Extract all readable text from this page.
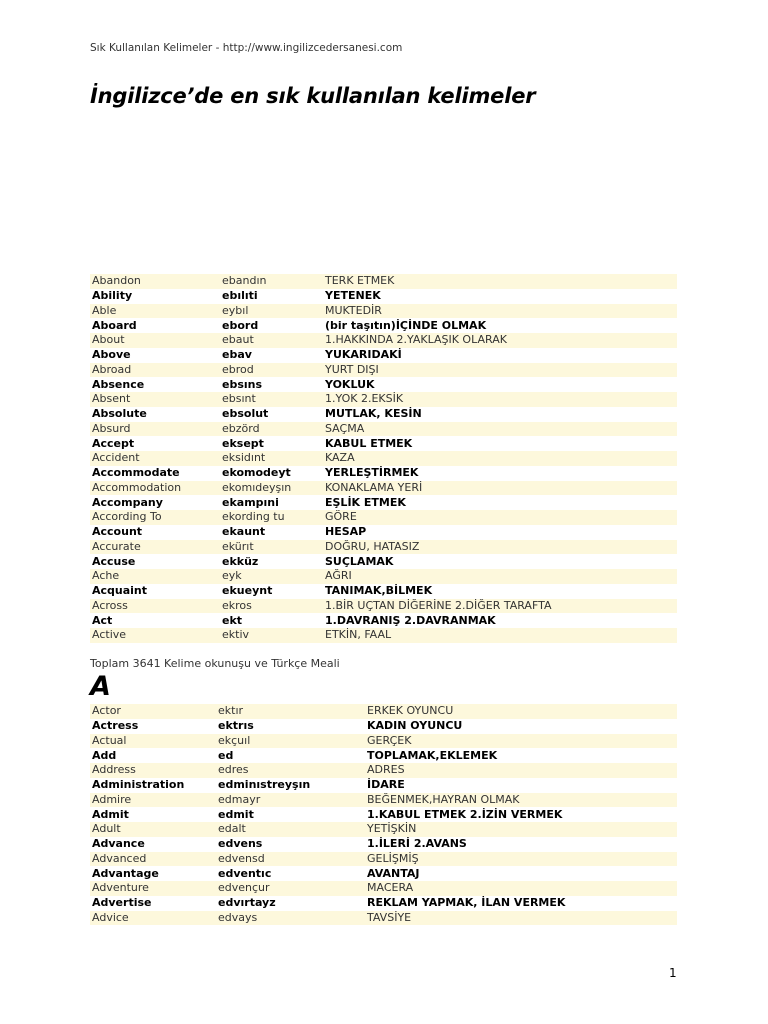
Sık Kullanılan Kelimeler - http://www.ingilizcedersanesi.com
İngilizce’de en sık kullanılan kelimeler
Abandon	ebandın	TERK ETMEK
Ability	ebılıti	YETENEK
Able	eybıl	MUKTEDİR
Aboard	ebord	(bir taşıtın)İÇİNDE OLMAK
About	ebaut	1.HAKKINDA 2.YAKLAŞIK OLARAK
Above	ebav	YUKARIDAKİ
Abroad	ebrod	YURT DIŞI
Absence	ebsıns	YOKLUK
Absent	ebsınt	1.YOK 2.EKSİK
Absolute	ebsolut	MUTLAK, KESİN
Absurd	ebzörd	SAÇMA
Accept	eksept	KABUL ETMEK
Accident	eksidınt	KAZA
Accommodate	ekomodeyt	YERLEŞTİRMEK
Accommodation	ekomıdeyşın	KONAKLAMA YERİ
Accompany	ekampıni	EŞLİK ETMEK
According To	ekording tu	GÖRE
Account	ekaunt	HESAP
Accurate	ekürıt	DOĞRU, HATASIZ
Accuse	ekküz	SUÇLAMAK
Ache	eyk	AĞRI
Acquaint	ekueynt	TANIMAK,BİLMEK
Across	ekros	1.BİR UÇTAN DİĞERİNE 2.DİĞER TARAFTA
Act	ekt	1.DAVRANIŞ 2.DAVRANMAK
Active	ektiv	ETKİN, FAAL
Toplam 3641 Kelime okunuşu ve Türkçe Meali
A
Actor	ektır	ERKEK OYUNCU
Actress	ektrıs	KADIN OYUNCU
Actual	ekçuıl	GERÇEK
Add	ed	TOPLAMAK,EKLEMEK
Address	edres	ADRES
Administration	edminıstreyşın	İDARE
Admire	edmayr	BEĞENMEK,HAYRAN OLMAK
Admit	edmit	1.KABUL ETMEK 2.İZİN VERMEK
Adult	edalt	YETİŞKİN
Advance	edvens	1.İLERİ 2.AVANS
Advanced	edvensd	GELİŞMİŞ
Advantage	edventıc	AVANTAJ
Adventure	edvençur	MACERA
Advertise	edvırtayz	REKLAM YAPMAK, İLAN VERMEK
Advice	edvays	TAVSİYE
1
